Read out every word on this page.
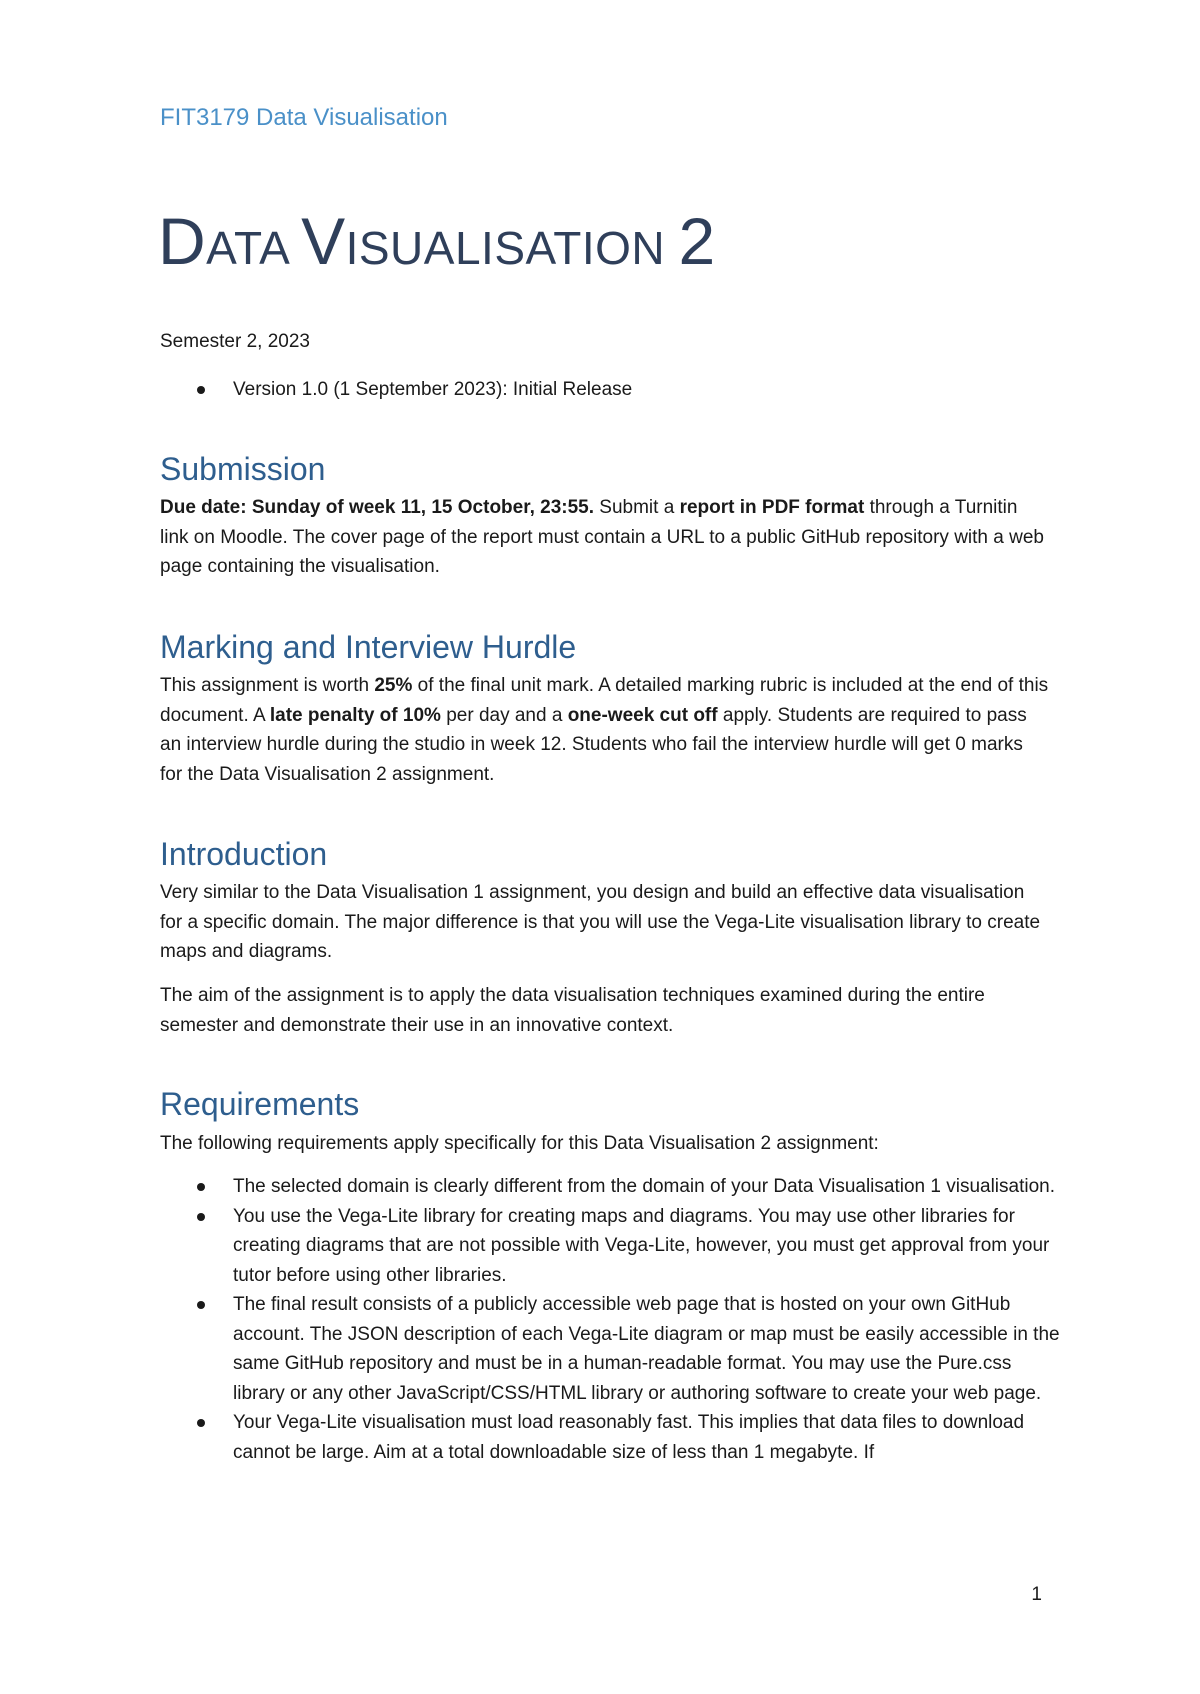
FIT3179 Data Visualisation
DATA VISUALISATION 2
Semester 2, 2023
Version 1.0 (1 September 2023): Initial Release
Submission
Due date: Sunday of week 11, 15 October, 23:55. Submit a report in PDF format through a Turnitin link on Moodle. The cover page of the report must contain a URL to a public GitHub repository with a web page containing the visualisation.
Marking and Interview Hurdle
This assignment is worth 25% of the final unit mark. A detailed marking rubric is included at the end of this document. A late penalty of 10% per day and a one-week cut off apply. Students are required to pass an interview hurdle during the studio in week 12. Students who fail the interview hurdle will get 0 marks for the Data Visualisation 2 assignment.
Introduction
Very similar to the Data Visualisation 1 assignment, you design and build an effective data visualisation for a specific domain. The major difference is that you will use the Vega-Lite visualisation library to create maps and diagrams.
The aim of the assignment is to apply the data visualisation techniques examined during the entire semester and demonstrate their use in an innovative context.
Requirements
The following requirements apply specifically for this Data Visualisation 2 assignment:
The selected domain is clearly different from the domain of your Data Visualisation 1 visualisation.
You use the Vega-Lite library for creating maps and diagrams. You may use other libraries for creating diagrams that are not possible with Vega-Lite, however, you must get approval from your tutor before using other libraries.
The final result consists of a publicly accessible web page that is hosted on your own GitHub account. The JSON description of each Vega-Lite diagram or map must be easily accessible in the same GitHub repository and must be in a human-readable format. You may use the Pure.css library or any other JavaScript/CSS/HTML library or authoring software to create your web page.
Your Vega-Lite visualisation must load reasonably fast. This implies that data files to download cannot be large. Aim at a total downloadable size of less than 1 megabyte. If
1
